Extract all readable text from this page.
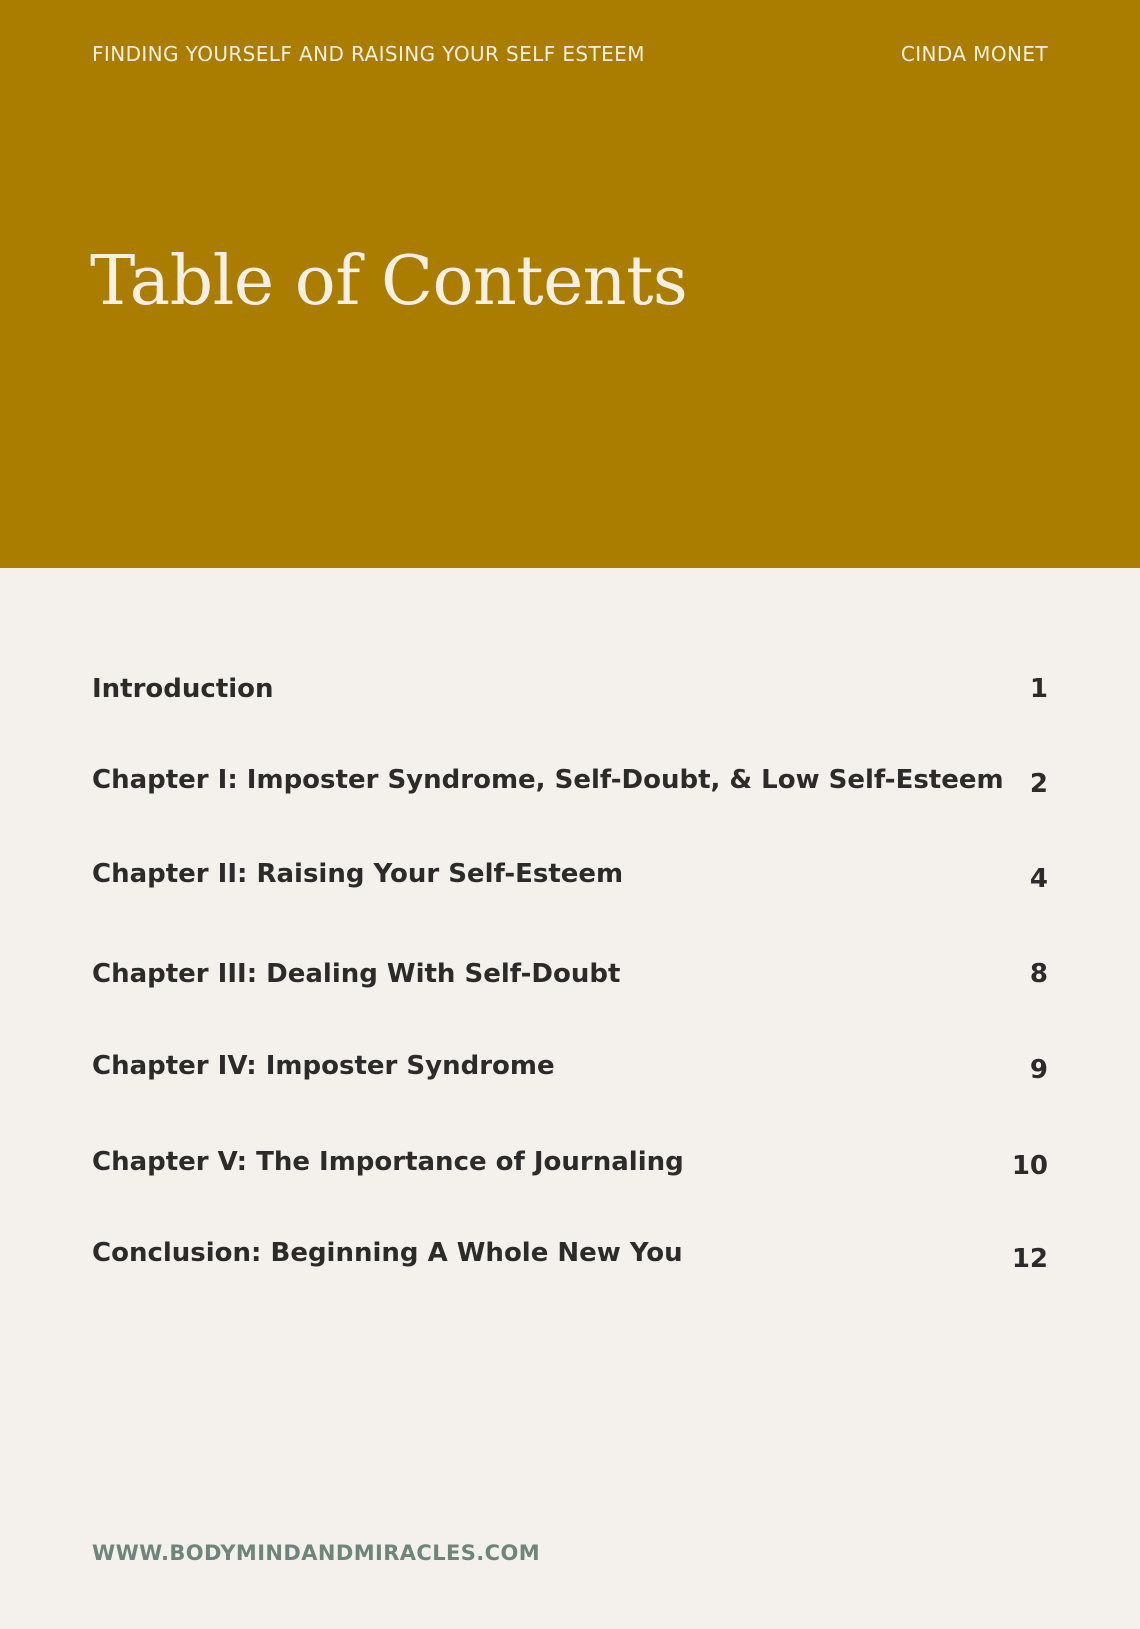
FINDING YOURSELF AND RAISING YOUR SELF ESTEEM	CINDA MONET
Table of Contents
Introduction	1
Chapter I: Imposter Syndrome, Self-Doubt, & Low Self-Esteem 2
Chapter II: Raising Your Self-Esteem	4
Chapter III: Dealing With Self-Doubt	8
Chapter IV: Imposter Syndrome	9
Chapter V: The Importance of Journaling	10
Conclusion: Beginning A Whole New You	12
WWW.BODYMINDANDMIRACLES.COM
